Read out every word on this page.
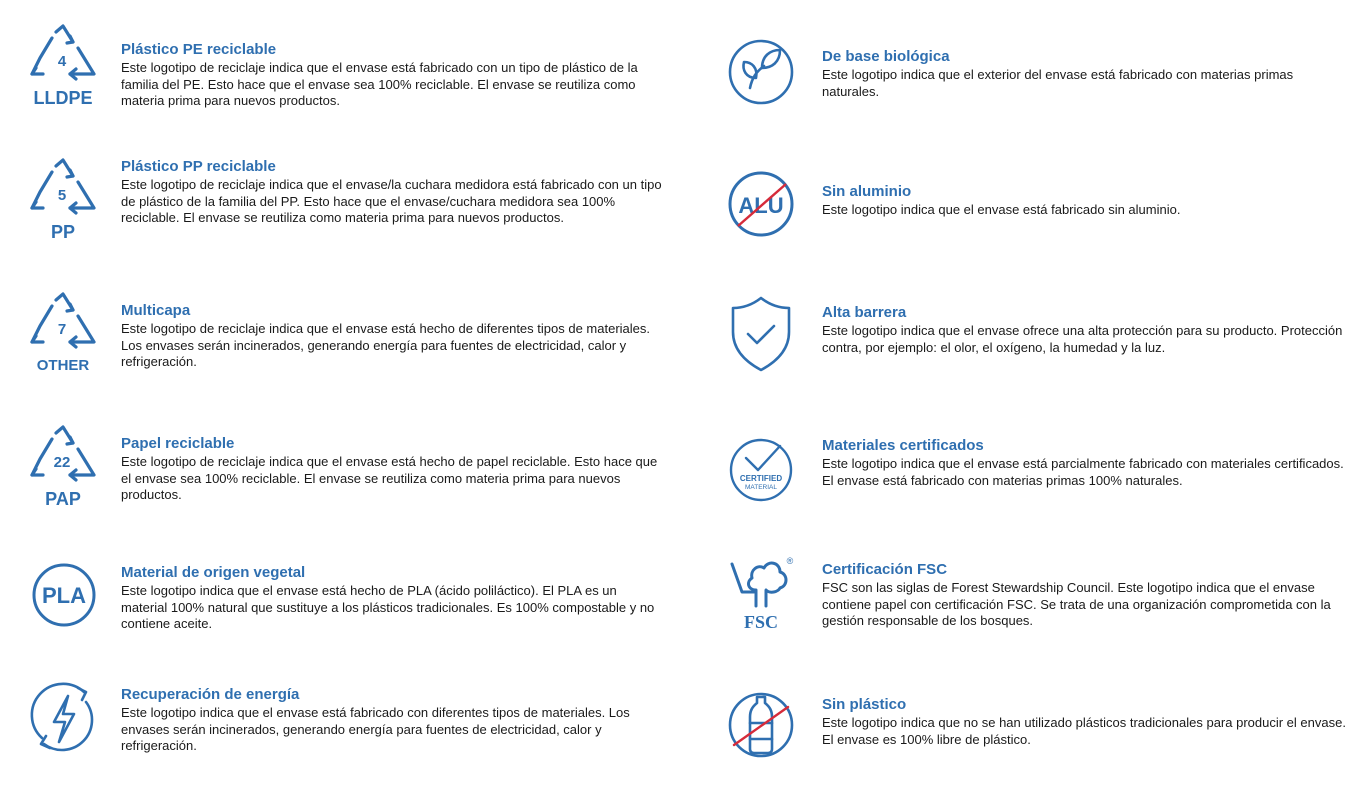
4
LLDPE
Plástico PE reciclable

Este logotipo de reciclaje indica que el envase está fabricado con un tipo de plástico de la familia del PE. Esto hace que el envase sea 100% reciclable. El envase se reutiliza como materia prima para nuevos productos.

5
PP
Plástico PP reciclable

Este logotipo de reciclaje indica que el envase/la cuchara medidora está fabricado con un tipo de plástico de la familia del PP. Esto hace que el envase/cuchara medidora sea 100% reciclable. El envase se reutiliza como materia prima para nuevos productos.

7
OTHER
Multicapa

Este logotipo de reciclaje indica que el envase está hecho de diferentes tipos de materiales. Los envases serán incinerados, generando energía para fuentes de electricidad, calor y refrigeración.

22
PAP
Papel reciclable

Este logotipo de reciclaje indica que el envase está hecho de papel reciclable. Esto hace que el envase sea 100% reciclable. El envase se reutiliza como materia prima para nuevos productos.

PLA
Material de origen vegetal

Este logotipo indica que el envase está hecho de PLA (ácido poliláctico). El PLA es un material 100% natural que sustituye a los plásticos tradicionales. Es 100% compostable y no contiene aceite.

Recuperación de energía

Este logotipo indica que el envase está fabricado con diferentes tipos de materiales. Los envases serán incinerados, generando energía para fuentes de electricidad, calor y refrigeración.

De base biológica

Este logotipo indica que el exterior del envase está fabricado con materias primas naturales.

ALU
Sin aluminio

Este logotipo indica que el envase está fabricado sin aluminio.

Alta barrera

Este logotipo indica que el envase ofrece una alta protección para su producto. Protección contra, por ejemplo: el olor, el oxígeno, la humedad y la luz.

CERTIFIED
MATERIAL
Materiales certificados

Este logotipo indica que el envase está parcialmente fabricado con materiales certificados. El envase está fabricado con materias primas 100% naturales.

®
FSC
Certificación FSC

FSC son las siglas de Forest Stewardship Council. Este logotipo indica que el envase contiene papel con certificación FSC. Se trata de una organización comprometida con la gestión responsable de los bosques.

Sin plástico

Este logotipo indica que no se han utilizado plásticos tradicionales para producir el envase. El envase es 100% libre de plástico.
